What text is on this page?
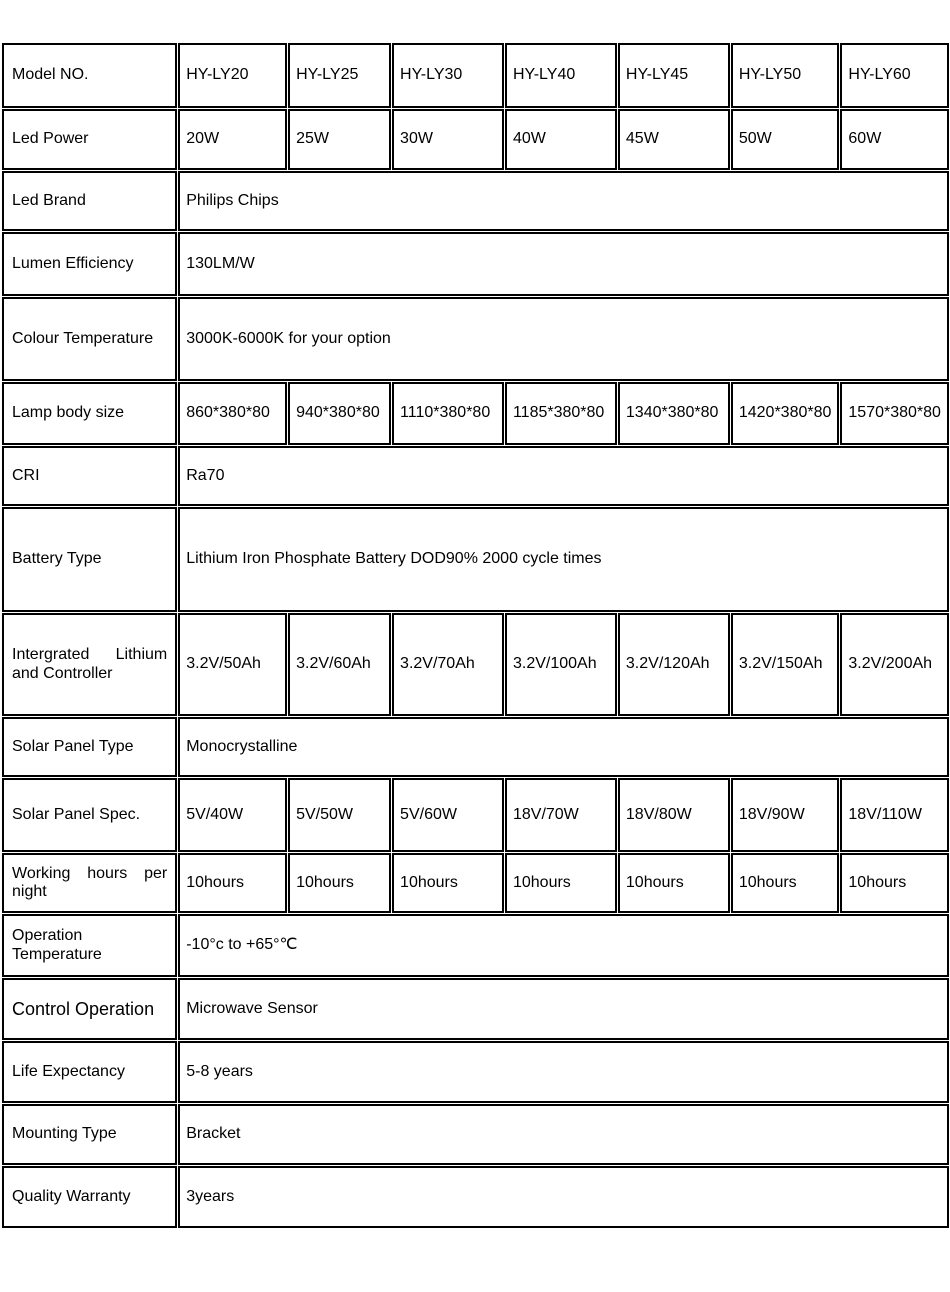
Model NO.	HY-LY20	HY-LY25	HY-LY30	HY-LY40	HY-LY45	HY-LY50	HY-LY60
Led Power	20W	25W	30W	40W	45W	50W	60W
Led Brand	Philips Chips						
Lumen Efficiency	130LM/W						
Colour Temperature	3000K-6000K for your option						
Lamp body size	860*380*80	940*380*80	1110*380*80	1185*380*80	1340*380*80	1420*380*80	1570*380*80
CRI	Ra70						
Battery Type	Lithium Iron Phosphate Battery DOD90% 2000 cycle times						
Intergrated Lithium and Controller	3.2V/50Ah	3.2V/60Ah	3.2V/70Ah	3.2V/100Ah	3.2V/120Ah	3.2V/150Ah	3.2V/200Ah
Solar Panel Type	Monocrystalline						
Solar Panel Spec.	5V/40W	5V/50W	5V/60W	18V/70W	18V/80W	18V/90W	18V/110W
Working hours per night	10hours	10hours	10hours	10hours	10hours	10hours	10hours
Operation Temperature	-10°c to +65°℃						
Control Operation	Microwave Sensor						
Life Expectancy	5-8 years						
Mounting Type	Bracket						
Quality Warranty	3years						
